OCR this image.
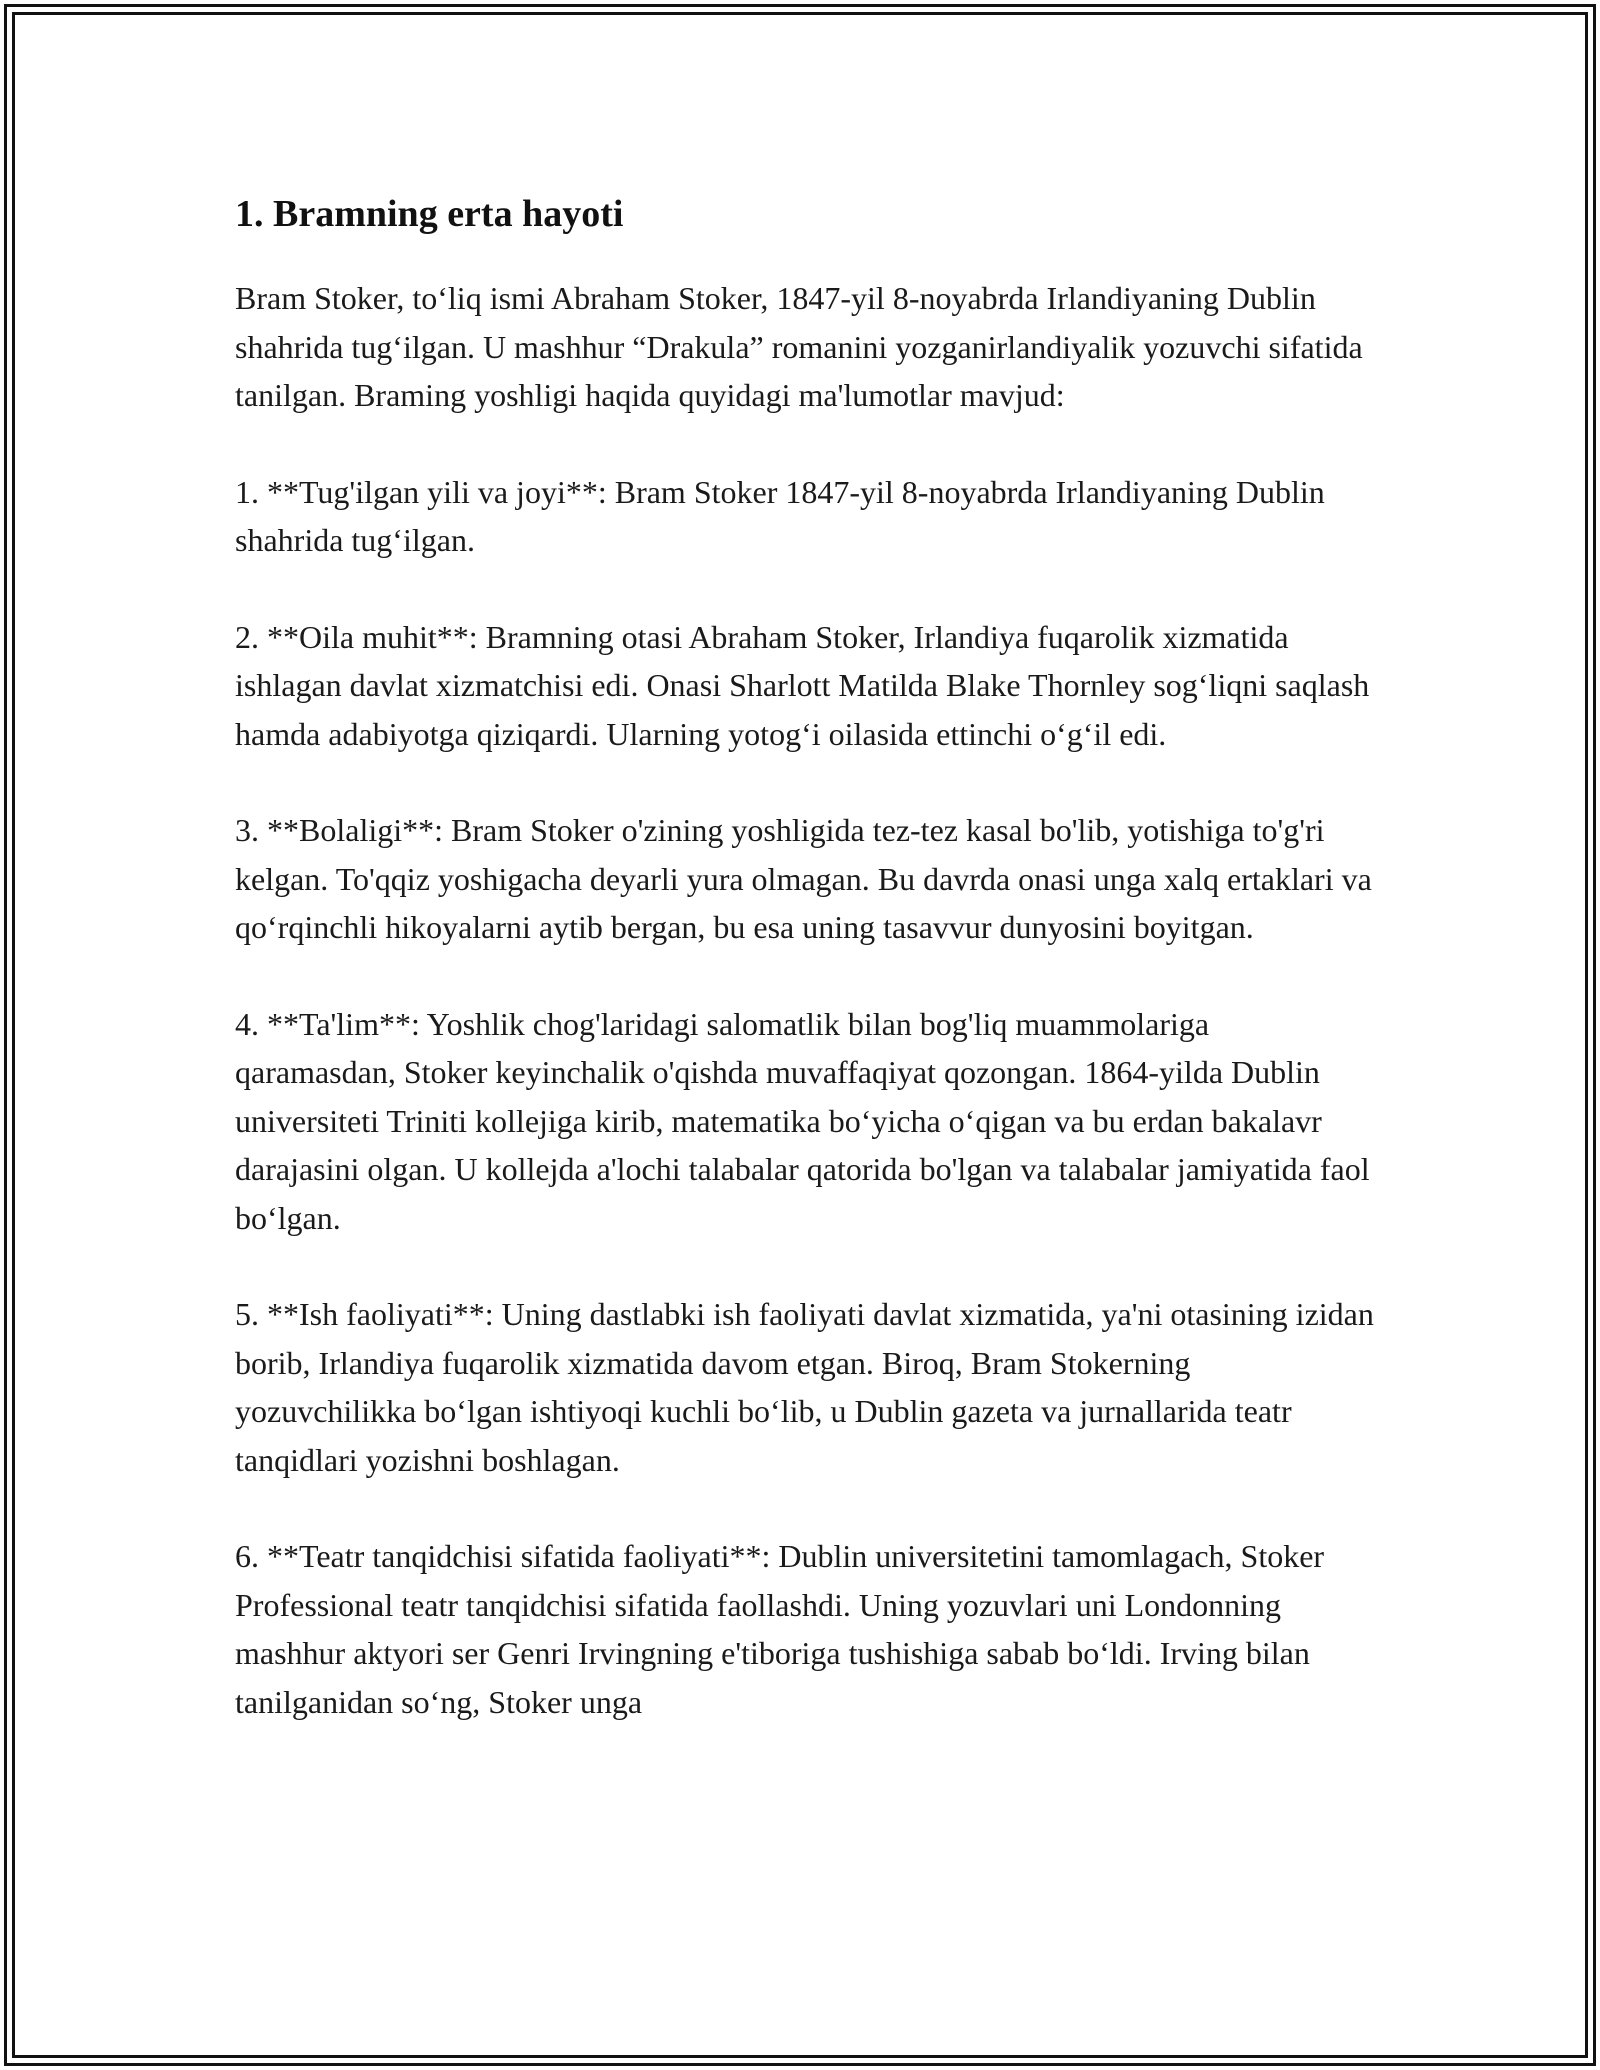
1. Bramning erta hayoti

Bram Stoker, to‘liq ismi Abraham Stoker, 1847-yil 8-noyabrda Irlandiyaning Dublin shahrida tug‘ilgan. U mashhur “Drakula” romanini yozganirlandiyalik yozuvchi sifatida tanilgan. Braming yoshligi haqida quyidagi ma'lumotlar mavjud:

1. **Tug'ilgan yili va joyi**: Bram Stoker 1847-yil 8-noyabrda Irlandiyaning Dublin shahrida tug‘ilgan.

2. **Oila muhit**: Bramning otasi Abraham Stoker, Irlandiya fuqarolik xizmatida ishlagan davlat xizmatchisi edi. Onasi Sharlott Matilda Blake Thornley sog‘liqni saqlash hamda adabiyotga qiziqardi. Ularning yotog‘i oilasida ettinchi o‘g‘il edi.

3. **Bolaligi**: Bram Stoker o'zining yoshligida tez-tez kasal bo'lib, yotishiga to'g'ri kelgan. To'qqiz yoshigacha deyarli yura olmagan. Bu davrda onasi unga xalq ertaklari va qo‘rqinchli hikoyalarni aytib bergan, bu esa uning tasavvur dunyosini boyitgan.

4. **Ta'lim**: Yoshlik chog'laridagi salomatlik bilan bog'liq muammolariga qaramasdan, Stoker keyinchalik o'qishda muvaffaqiyat qozongan. 1864-yilda Dublin universiteti Triniti kollejiga kirib, matematika bo‘yicha o‘qigan va bu erdan bakalavr darajasini olgan. U kollejda a'lochi talabalar qatorida bo'lgan va talabalar jamiyatida faol bo‘lgan.

5. **Ish faoliyati**: Uning dastlabki ish faoliyati davlat xizmatida, ya'ni otasining izidan borib, Irlandiya fuqarolik xizmatida davom etgan. Biroq, Bram Stokerning yozuvchilikka bo‘lgan ishtiyoqi kuchli bo‘lib, u Dublin gazeta va jurnallarida teatr tanqidlari yozishni boshlagan.

6. **Teatr tanqidchisi sifatida faoliyati**: Dublin universitetini tamomlagach, Stoker Professional teatr tanqidchisi sifatida faollashdi. Uning yozuvlari uni Londonning mashhur aktyori ser Genri Irvingning e'tiboriga tushishiga sabab bo‘ldi. Irving bilan tanilganidan so‘ng, Stoker unga
